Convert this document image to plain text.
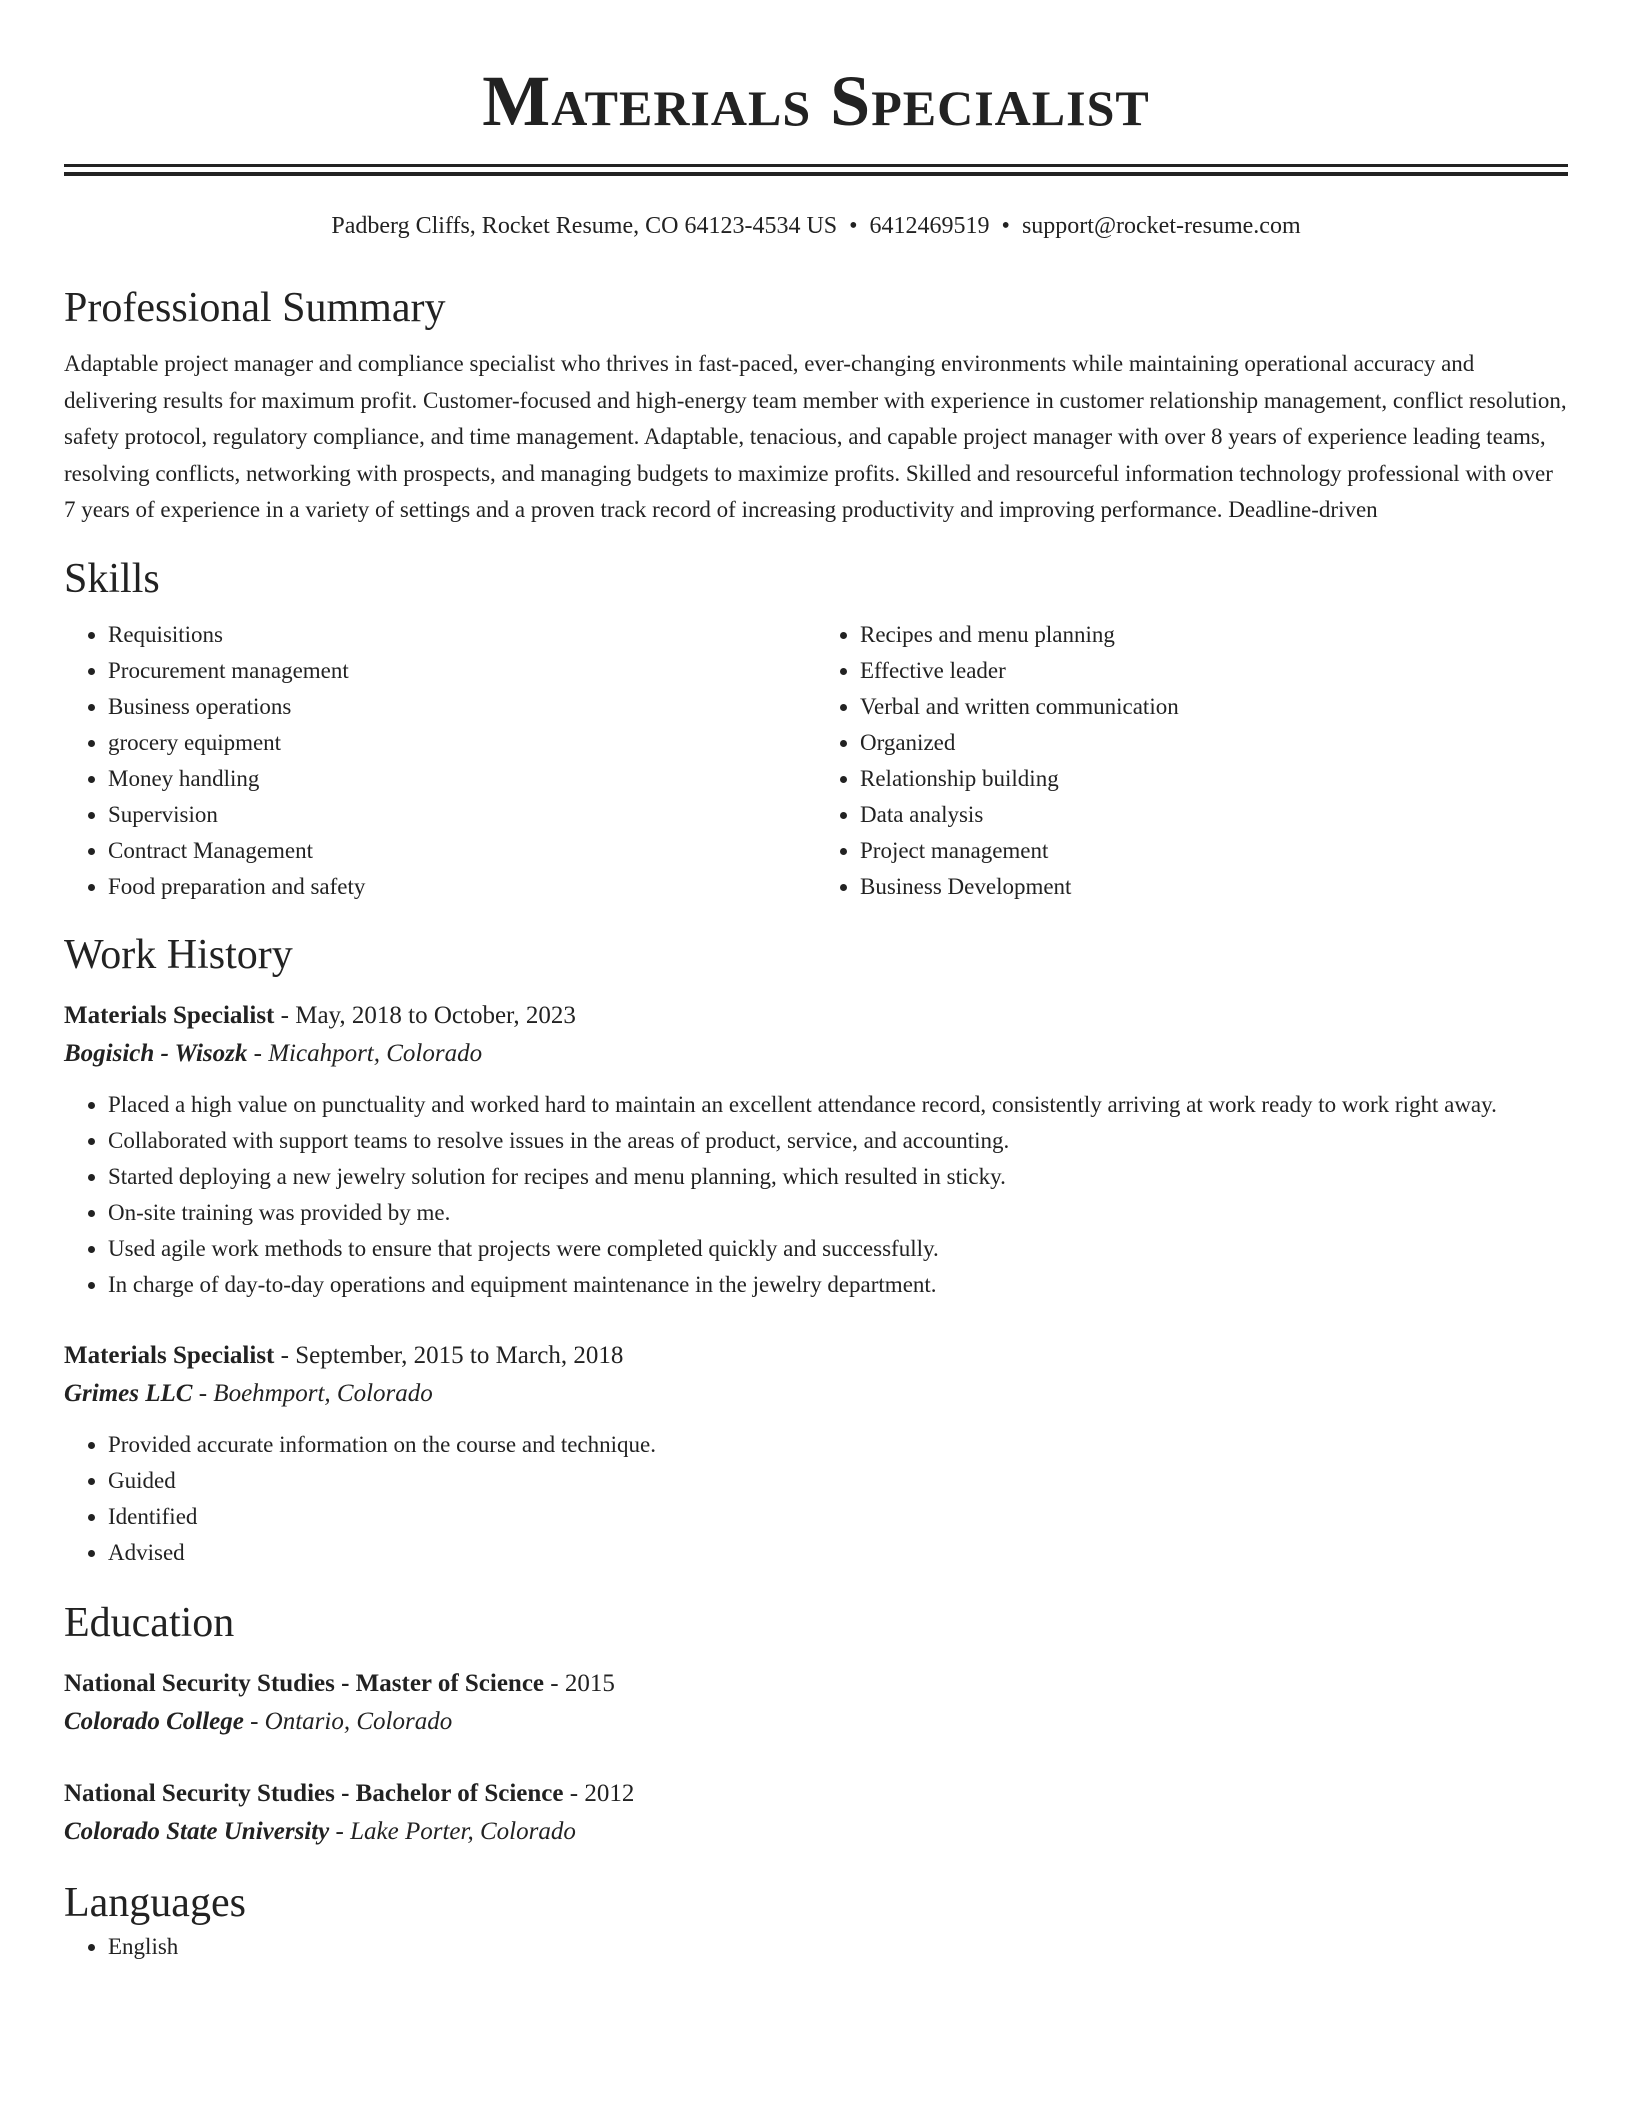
Materials Specialist
Padberg Cliffs, Rocket Resume, CO 64123-4534 US • 6412469519 • support@rocket-resume.com
Professional Summary
Adaptable project manager and compliance specialist who thrives in fast-paced, ever-changing environments while maintaining operational accuracy and delivering results for maximum profit. Customer-focused and high-energy team member with experience in customer relationship management, conflict resolution, safety protocol, regulatory compliance, and time management. Adaptable, tenacious, and capable project manager with over 8 years of experience leading teams, resolving conflicts, networking with prospects, and managing budgets to maximize profits. Skilled and resourceful information technology professional with over 7 years of experience in a variety of settings and a proven track record of increasing productivity and improving performance. Deadline-driven
Skills
• Requisitions
• Procurement management
• Business operations
• grocery equipment
• Money handling
• Supervision
• Contract Management
• Food preparation and safety
• Recipes and menu planning
• Effective leader
• Verbal and written communication
• Organized
• Relationship building
• Data analysis
• Project management
• Business Development
Work History
Materials Specialist - May, 2018 to October, 2023
Bogisich - Wisozk - Micahport, Colorado
• Placed a high value on punctuality and worked hard to maintain an excellent attendance record, consistently arriving at work ready to work right away.
• Collaborated with support teams to resolve issues in the areas of product, service, and accounting.
• Started deploying a new jewelry solution for recipes and menu planning, which resulted in sticky.
• On-site training was provided by me.
• Used agile work methods to ensure that projects were completed quickly and successfully.
• In charge of day-to-day operations and equipment maintenance in the jewelry department.
Materials Specialist - September, 2015 to March, 2018
Grimes LLC - Boehmport, Colorado
• Provided accurate information on the course and technique.
• Guided
• Identified
• Advised
Education
National Security Studies - Master of Science - 2015
Colorado College - Ontario, Colorado
National Security Studies - Bachelor of Science - 2012
Colorado State University - Lake Porter, Colorado
Languages
• English
